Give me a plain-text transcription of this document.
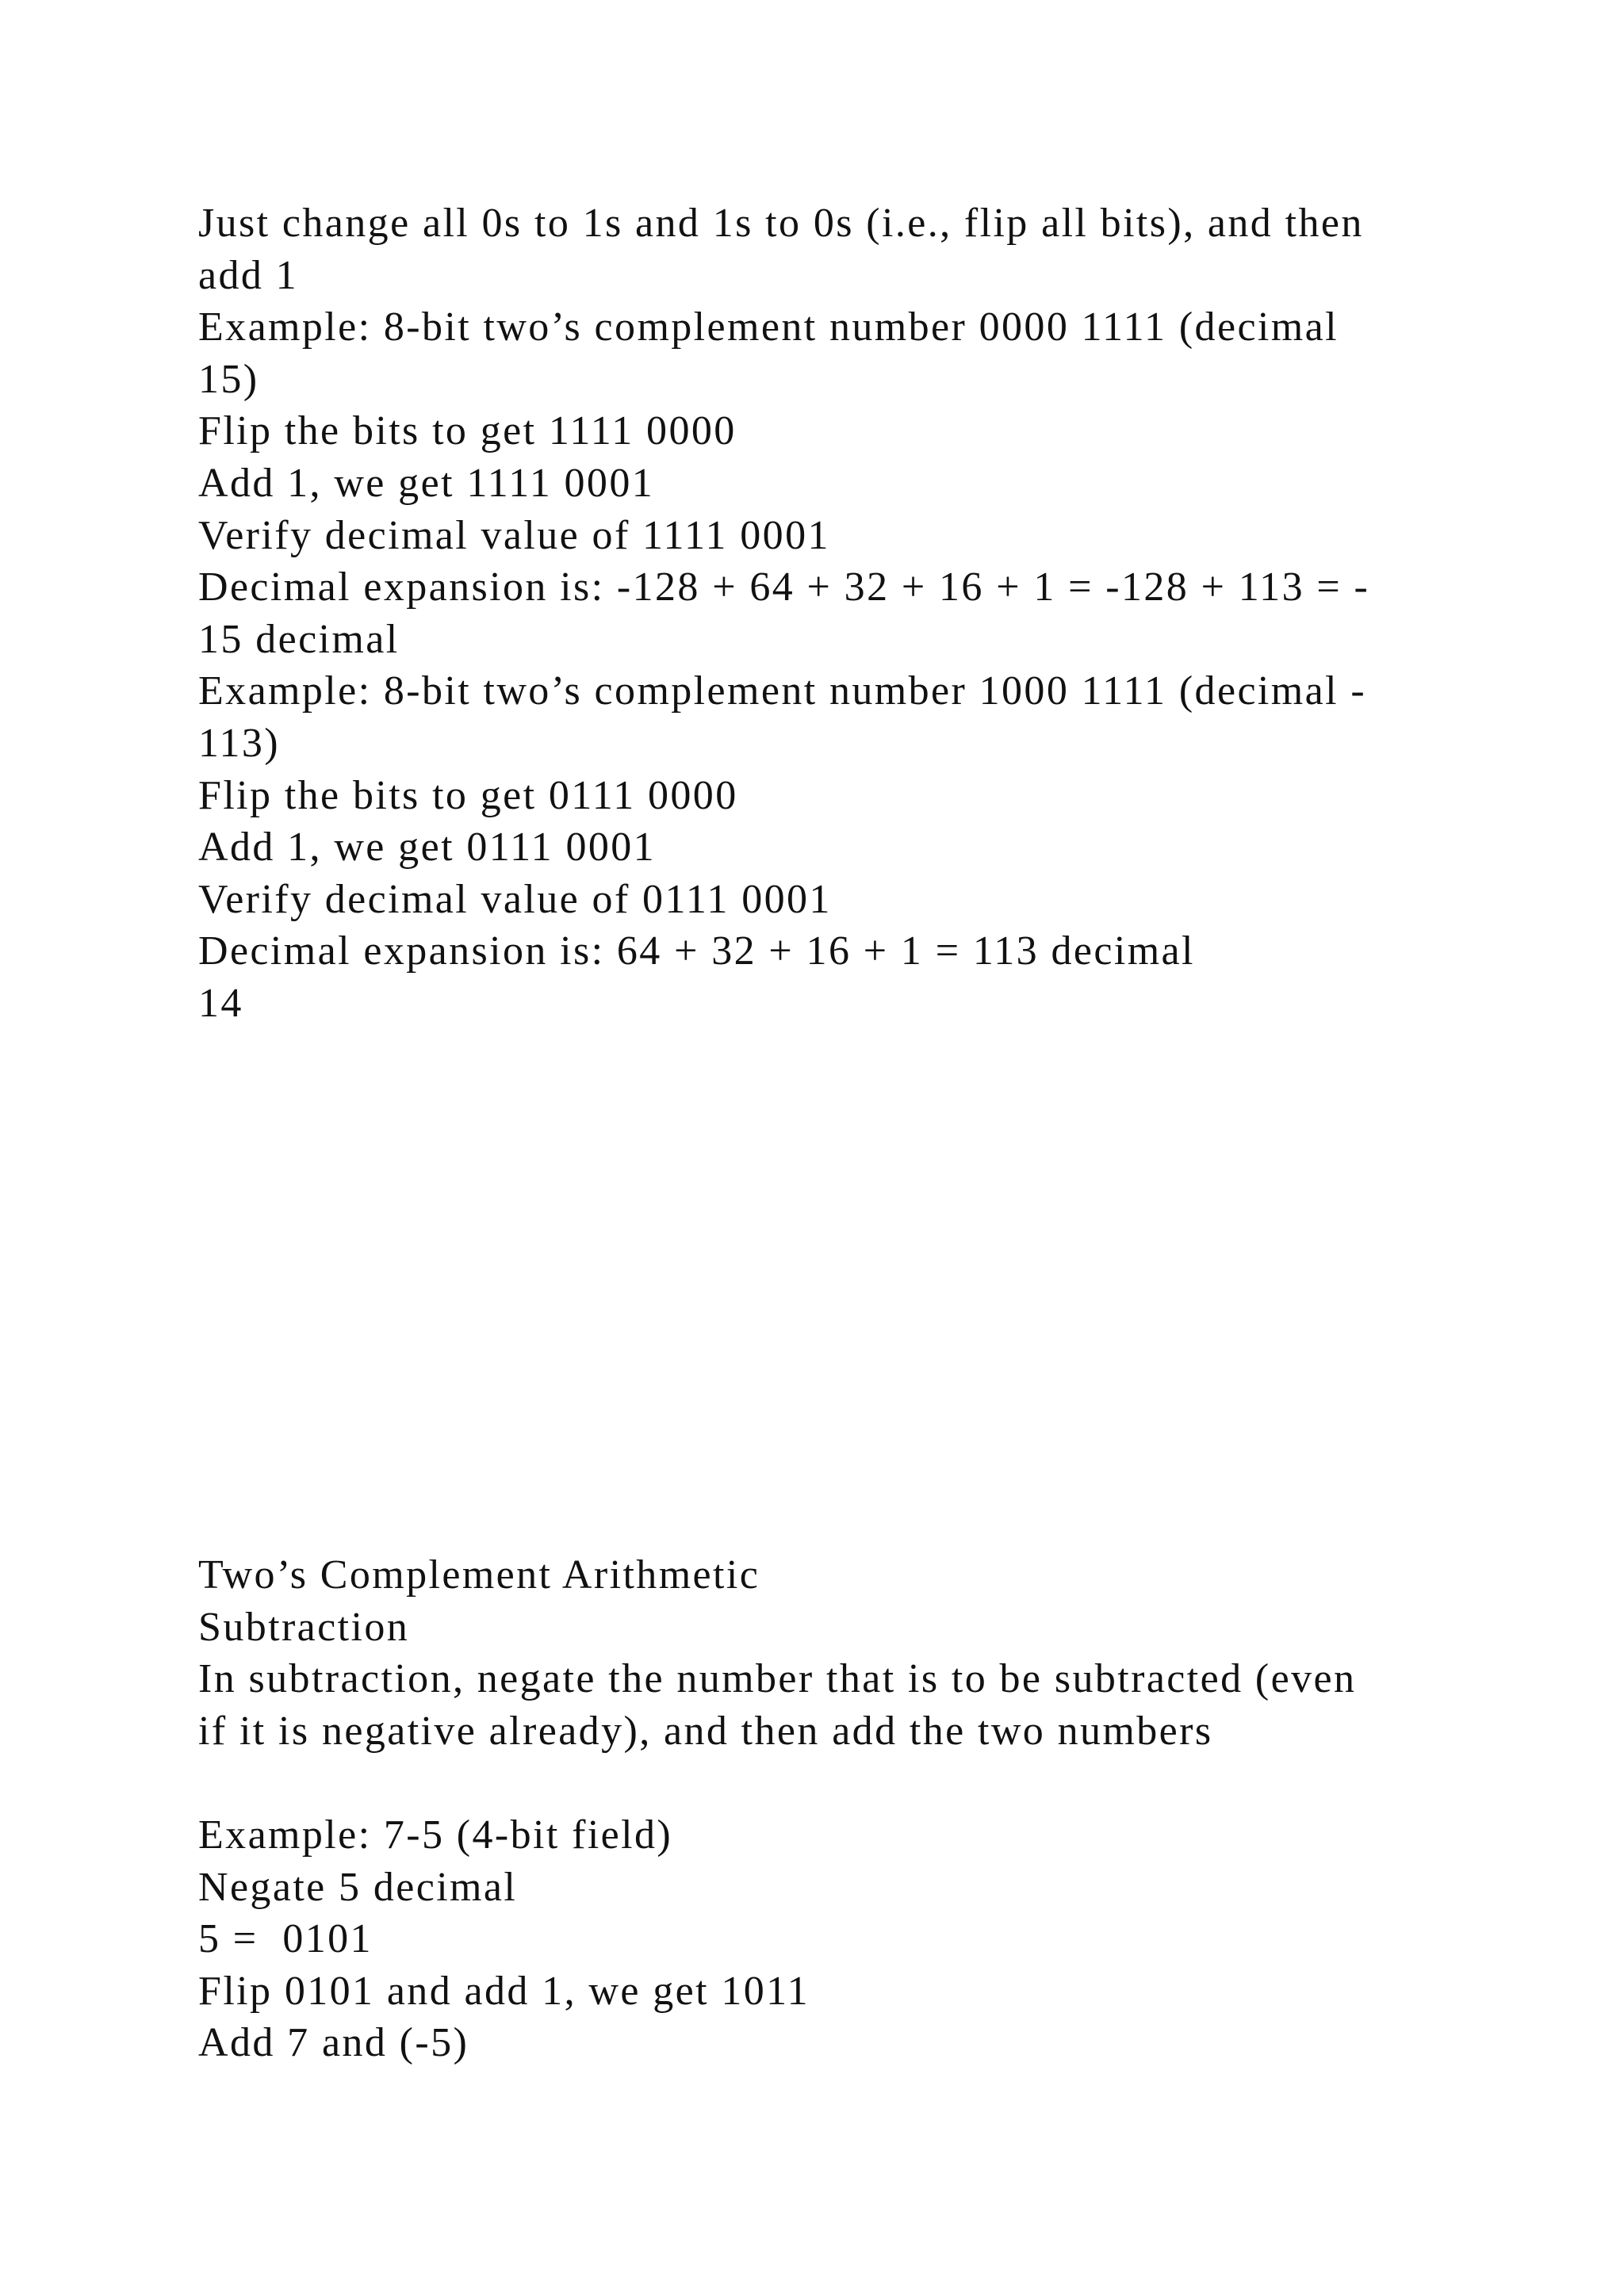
Just change all 0s to 1s and 1s to 0s (i.e., flip all bits), and then
add 1
Example: 8-bit two’s complement number 0000 1111 (decimal
15)
Flip the bits to get 1111 0000
Add 1, we get 1111 0001
Verify decimal value of 1111 0001
Decimal expansion is: -128 + 64 + 32 + 16 + 1 = -128 + 113 = -
15 decimal
Example: 8-bit two’s complement number 1000 1111 (decimal -
113)
Flip the bits to get 0111 0000
Add 1, we get 0111 0001
Verify decimal value of 0111 0001
Decimal expansion is: 64 + 32 + 16 + 1 = 113 decimal
14
Two’s Complement Arithmetic
Subtraction
In subtraction, negate the number that is to be subtracted (even
if it is negative already), and then add the two numbers
Example: 7-5 (4-bit field)
Negate 5 decimal
5 =  0101
Flip 0101 and add 1, we get 1011
Add 7 and (-5)
